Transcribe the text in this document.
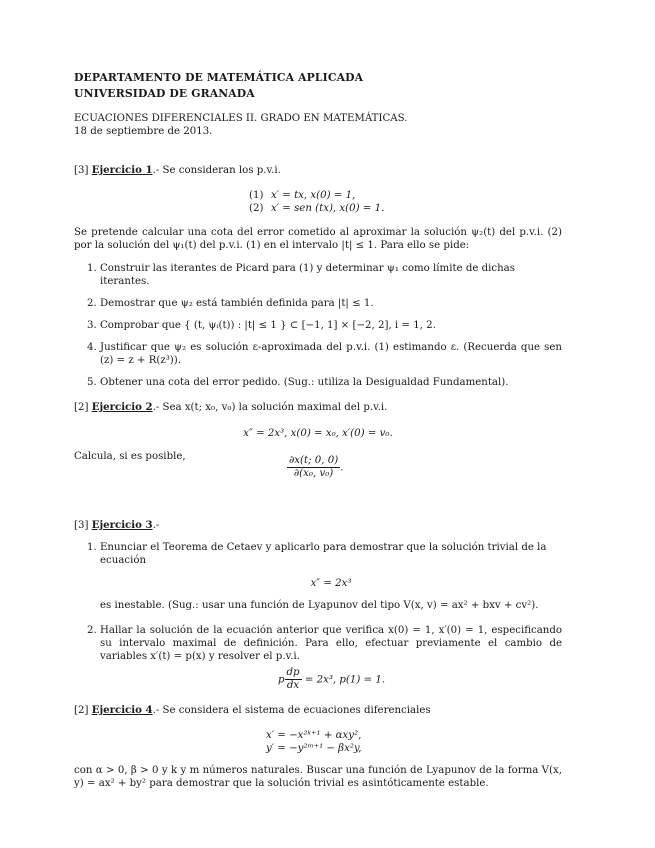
DEPARTAMENTO DE MATEMÁTICA APLICADA
UNIVERSIDAD DE GRANADA
ECUACIONES DIFERENCIALES II. GRADO EN MATEMÁTICAS.
18 de septiembre de 2013.
[3] Ejercicio 1.- Se consideran los p.v.i.
(1) x′ = tx, x(0) = 1,
(2) x′ = sen (tx), x(0) = 1.
Se pretende calcular una cota del error cometido al aproximar la solución ψ₂(t) del p.v.i. (2) por la solución del ψ₁(t) del p.v.i. (1) en el intervalo |t| ≤ 1. Para ello se pide:
1. Construir las iterantes de Picard para (1) y determinar ψ₁ como límite de dichas iterantes.
2. Demostrar que ψ₂ está también definida para |t| ≤ 1.
3. Comprobar que { (t, ψᵢ(t)) : |t| ≤ 1 } ⊂ [−1, 1] × [−2, 2], i = 1, 2.
4. Justificar que ψ₂ es solución ε-aproximada del p.v.i. (1) estimando ε. (Recuerda que sen (z) = z + R(z³)).
5. Obtener una cota del error pedido. (Sug.: utiliza la Desigualdad Fundamental).
[2] Ejercicio 2.- Sea x(t; x₀, v₀) la solución maximal del p.v.i.
x″ = 2x³, x(0) = x₀, x′(0) = v₀.
Calcula, si es posible,	$\frac{\partial x(t; 0, 0)}{\text{∂(x₀, v₀)}}$ .
[3] Ejercicio 3.-
1. Enunciar el Teorema de Cetaev y aplicarlo para demostrar que la solución trivial de la ecuación
x″ = 2x³
es inestable. (Sug.: usar una función de Lyapunov del tipo V(x, v) = ax² + bxv + cv²).
2. Hallar la solución de la ecuación anterior que verifica x(0) = 1, x′(0) = 1, especificando su intervalo maximal de definición. Para ello, efectuar previamente el cambio de variables x′(t) = p(x) y resolver el p.v.i.
p $\frac{dp}{dx} = 2x^3$, p(1) = 1.
[2] Ejercicio 4.- Se considera el sistema de ecuaciones diferenciales
x′ = −x²ᵏ⁺¹ + αxy²,
y′ = −y²ᵐ⁺¹ − βx²y,
con α > 0, β > 0 y k y m números naturales. Buscar una función de Lyapunov de la forma V(x, y) = ax² + by² para demostrar que la solución trivial es asintóticamente estable.
